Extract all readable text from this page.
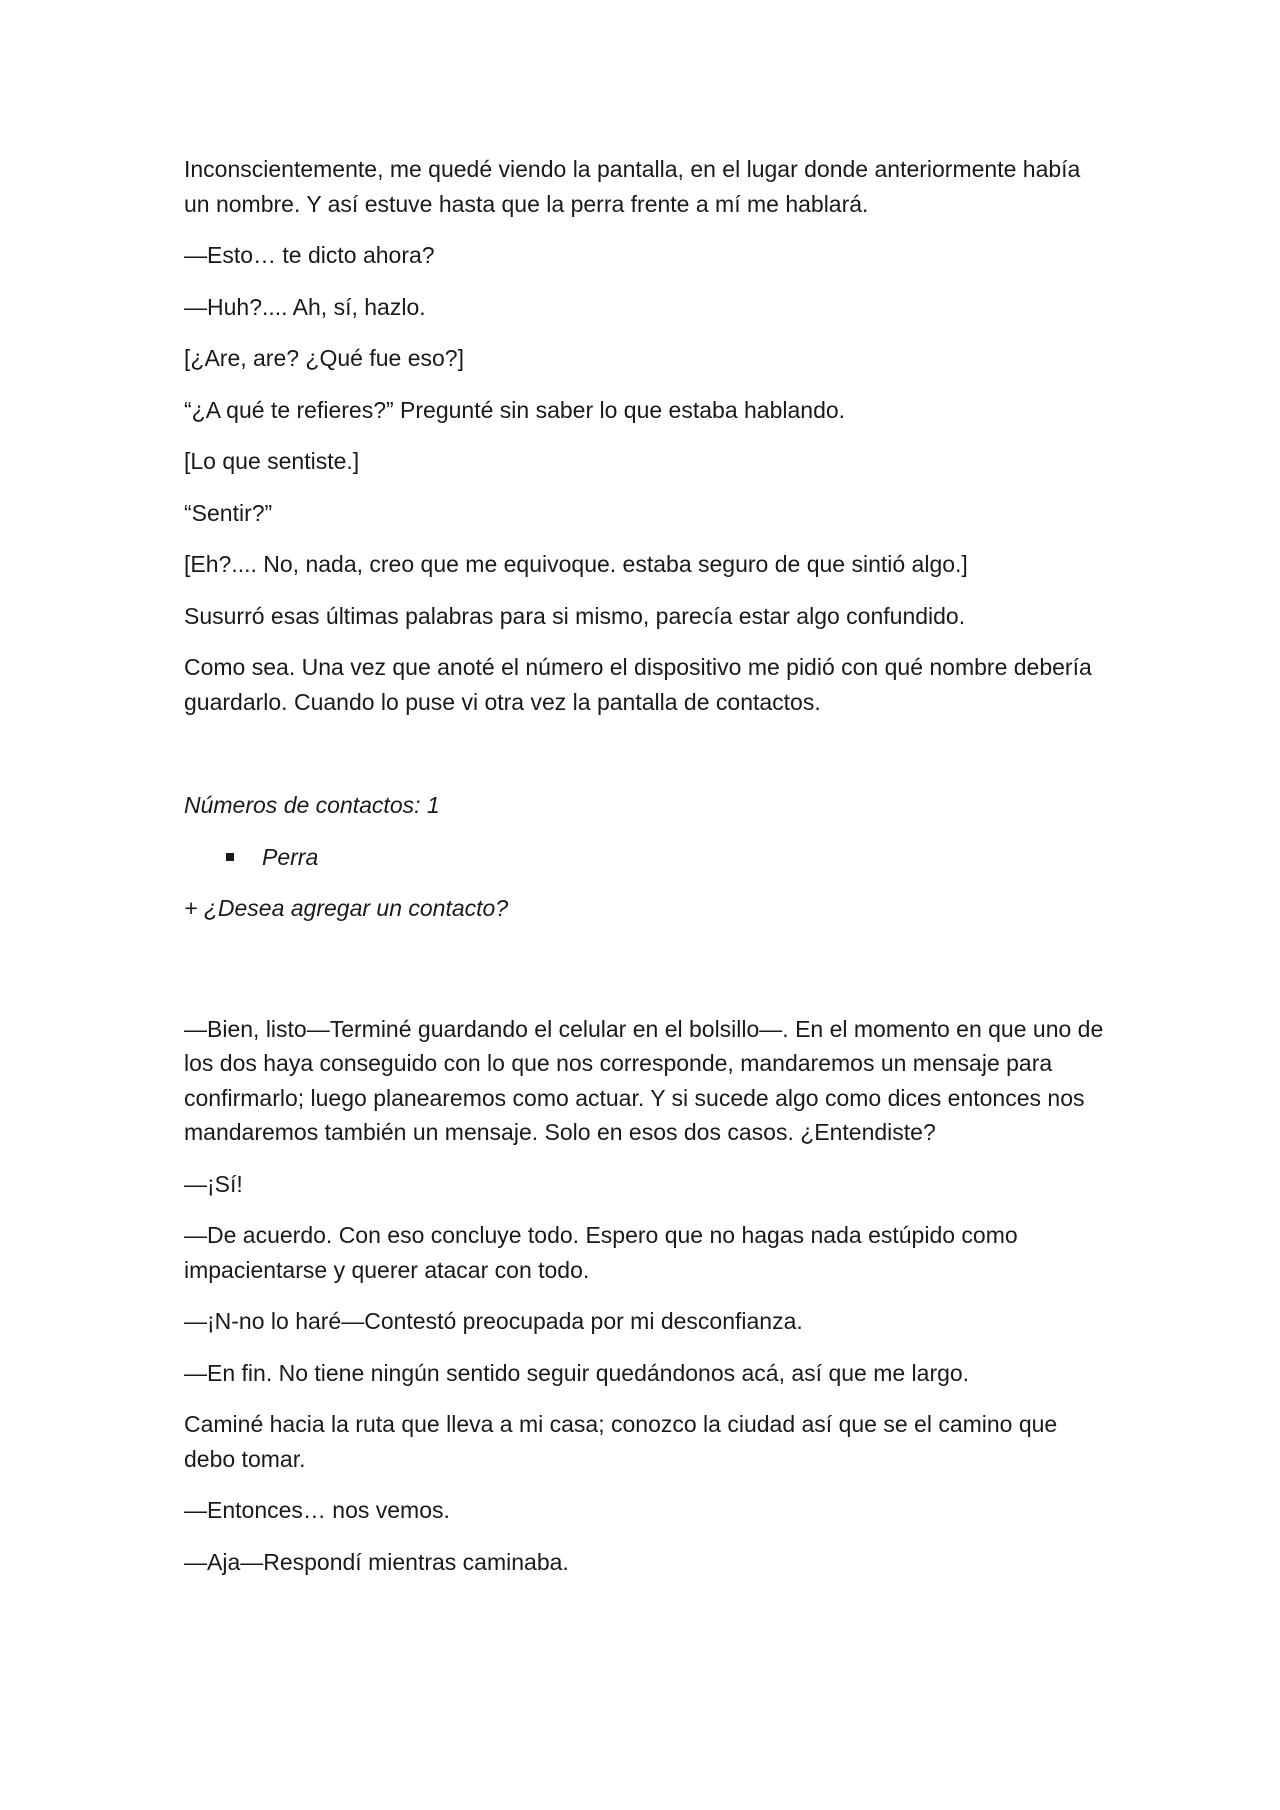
Inconscientemente, me quedé viendo la pantalla, en el lugar donde anteriormente había un nombre. Y así estuve hasta que la perra frente a mí me hablará.

—Esto… te dicto ahora?

—Huh?.... Ah, sí, hazlo.

[¿Are, are? ¿Qué fue eso?]

“¿A qué te refieres?” Pregunté sin saber lo que estaba hablando.

[Lo que sentiste.]

“Sentir?”

[Eh?.... No, nada, creo que me equivoque. estaba seguro de que sintió algo.]

Susurró esas últimas palabras para si mismo, parecía estar algo confundido.

Como sea. Una vez que anoté el número el dispositivo me pidió con qué nombre debería guardarlo. Cuando lo puse vi otra vez la pantalla de contactos.

Números de contactos: 1

Perra

+ ¿Desea agregar un contacto?

—Bien, listo—Terminé guardando el celular en el bolsillo—. En el momento en que uno de los dos haya conseguido con lo que nos corresponde, mandaremos un mensaje para confirmarlo; luego planearemos como actuar. Y si sucede algo como dices entonces nos mandaremos también un mensaje. Solo en esos dos casos. ¿Entendiste?

—¡Sí!

—De acuerdo. Con eso concluye todo. Espero que no hagas nada estúpido como impacientarse y querer atacar con todo.

—¡N-no lo haré—Contestó preocupada por mi desconfianza.

—En fin. No tiene ningún sentido seguir quedándonos acá, así que me largo.

Caminé hacia la ruta que lleva a mi casa; conozco la ciudad así que se el camino que debo tomar.

—Entonces… nos vemos.

—Aja—Respondí mientras caminaba.
